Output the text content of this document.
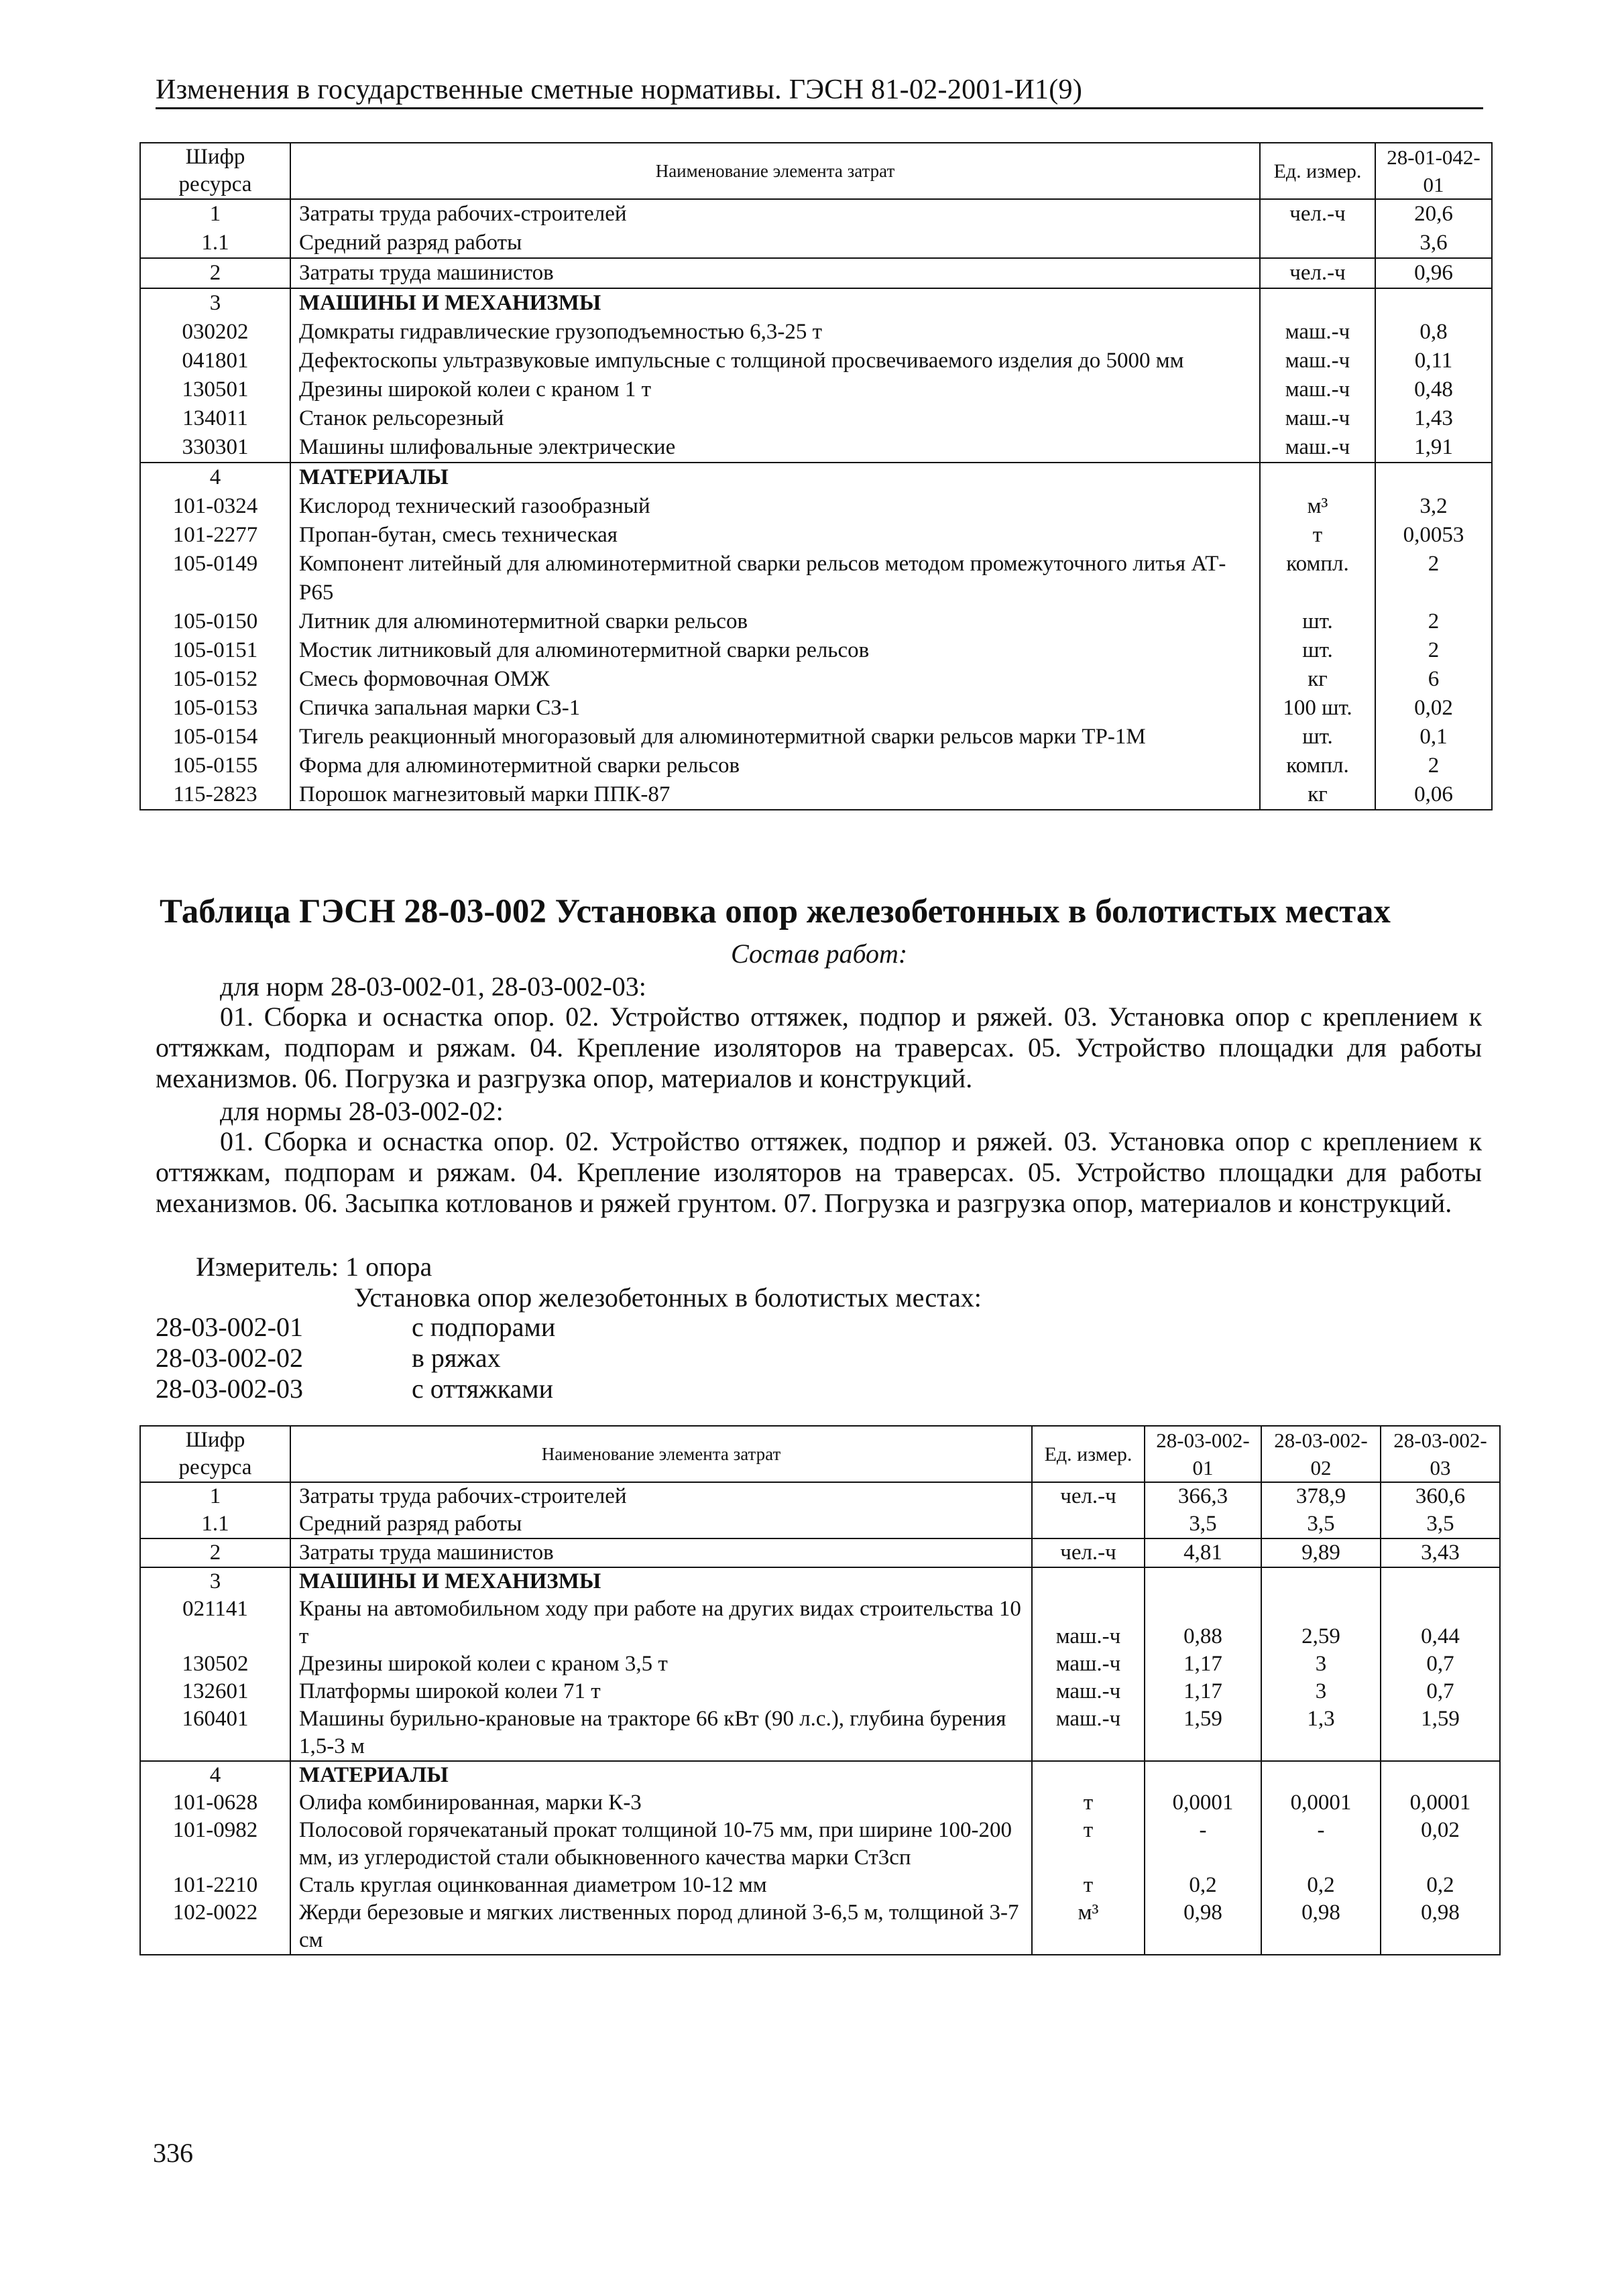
Изменения в государственные сметные нормативы. ГЭСН 81-02-2001-И1(9)
Шифр ресурса	Наименование элемента затрат	Ед. измер.	28-01-042-01
1	Затраты труда рабочих-строителей	чел.-ч	20,6
1.1	Средний разряд работы		3,6
2	Затраты труда машинистов	чел.-ч	0,96
3	МАШИНЫ И МЕХАНИЗМЫ		
030202	Домкраты гидравлические грузоподъемностью 6,3-25 т	маш.-ч	0,8
041801	Дефектоскопы ультразвуковые импульсные с толщиной просвечиваемого изделия до 5000 мм	маш.-ч	0,11
130501	Дрезины широкой колеи с краном 1 т	маш.-ч	0,48
134011	Станок рельсорезный	маш.-ч	1,43
330301	Машины шлифовальные электрические	маш.-ч	1,91
4	МАТЕРИАЛЫ		
101-0324	Кислород технический газообразный	м³	3,2
101-2277	Пропан-бутан, смесь техническая	т	0,0053
105-0149	Компонент литейный для алюминотермитной сварки рельсов методом промежуточного литья АТ-Р65	компл.	2
105-0150	Литник для алюминотермитной сварки рельсов	шт.	2
105-0151	Мостик литниковый для алюминотермитной сварки рельсов	шт.	2
105-0152	Смесь формовочная ОМЖ	кг	6
105-0153	Спичка запальная марки СЗ-1	100 шт.	0,02
105-0154	Тигель реакционный многоразовый для алюминотермитной сварки рельсов марки ТР-1М	шт.	0,1
105-0155	Форма для алюминотермитной сварки рельсов	компл.	2
115-2823	Порошок магнезитовый марки ППК-87	кг	0,06
Таблица ГЭСН 28-03-002 Установка опор железобетонных в болотистых местах
Состав работ:
для норм 28-03-002-01, 28-03-002-03:
01. Сборка и оснастка опор. 02. Устройство оттяжек, подпор и ряжей. 03. Установка опор с креплением к оттяжкам, подпорам и ряжам. 04. Крепление изоляторов на траверсах. 05. Устройство площадки для работы механизмов. 06. Погрузка и разгрузка опор, материалов и конструкций.
для нормы 28-03-002-02:
01. Сборка и оснастка опор. 02. Устройство оттяжек, подпор и ряжей. 03. Установка опор с креплением к оттяжкам, подпорам и ряжам. 04. Крепление изоляторов на траверсах. 05. Устройство площадки для работы механизмов. 06. Засыпка котлованов и ряжей грунтом. 07. Погрузка и разгрузка опор, материалов и конструкций.
Измеритель: 1 опора
Установка опор железобетонных в болотистых местах:
28-03-002-01	с подпорами
28-03-002-02	в ряжах
28-03-002-03	с оттяжками
Шифр ресурса	Наименование элемента затрат	Ед. измер.	28-03-002-01	28-03-002-02	28-03-002-03
1	Затраты труда рабочих-строителей	чел.-ч	366,3	378,9	360,6
1.1	Средний разряд работы		3,5	3,5	3,5
2	Затраты труда машинистов	чел.-ч	4,81	9,89	3,43
3	МАШИНЫ И МЕХАНИЗМЫ				
021141	Краны на автомобильном ходу при работе на других видах строительства 10 т	маш.-ч	0,88	2,59	0,44
130502	Дрезины широкой колеи с краном 3,5 т	маш.-ч	1,17	3	0,7
132601	Платформы широкой колеи 71 т	маш.-ч	1,17	3	0,7
160401	Машины бурильно-крановые на тракторе 66 кВт (90 л.с.), глубина бурения 1,5-3 м	маш.-ч	1,59	1,3	1,59
4	МАТЕРИАЛЫ				
101-0628	Олифа комбинированная, марки К-3	т	0,0001	0,0001	0,0001
101-0982	Полосовой горячекатаный прокат толщиной 10-75 мм, при ширине 100-200 мм, из углеродистой стали обыкновенного качества марки Ст3сп	т	-	-	0,02
101-2210	Сталь круглая оцинкованная диаметром 10-12 мм	т	0,2	0,2	0,2
102-0022	Жерди березовые и мягких лиственных пород длиной 3-6,5 м, толщиной 3-7 см	м³	0,98	0,98	0,98
336
